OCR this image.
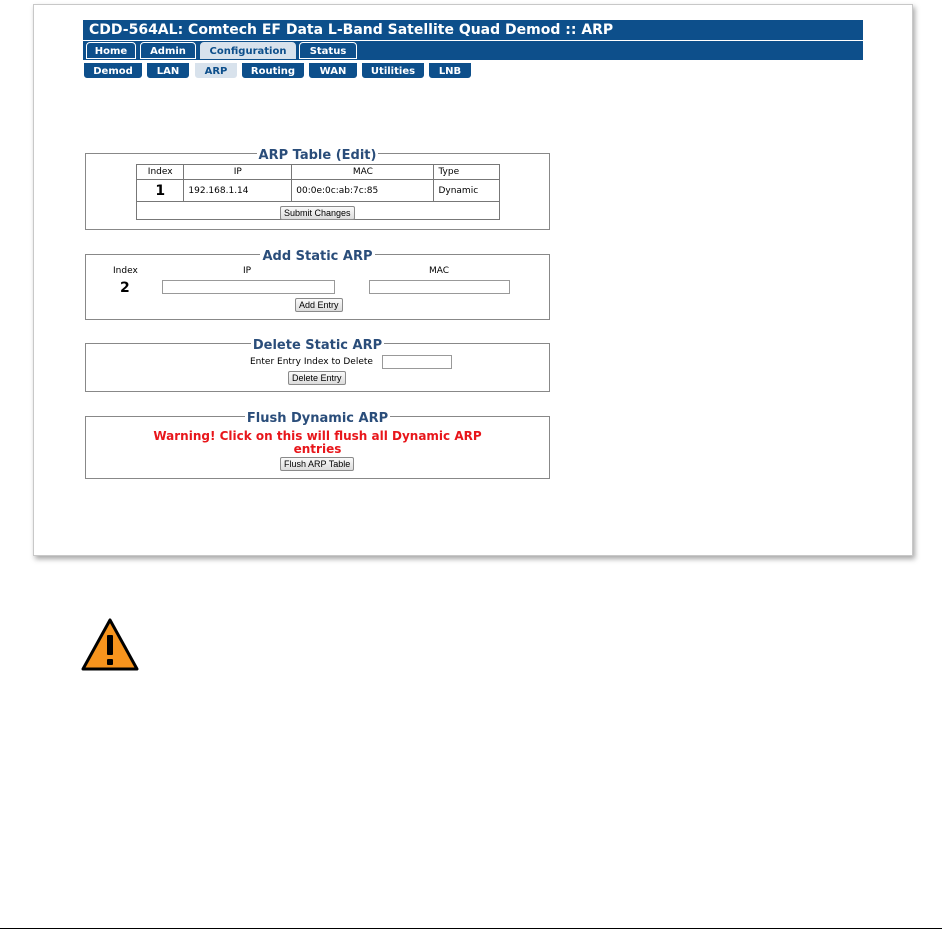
CDD-564AL: Comtech EF Data L-Band Satellite Quad Demod :: ARP
Home	Admin	Configuration	Status
Demod	LAN	ARP	Routing	WAN	Utilities	LNB
ARP Table (Edit)
Index	IP	MAC	Type
1	192.168.1.14	00:0e:0c:ab:7c:85	Dynamic

Submit Changes
Add Static ARP
Index	IP	MAC
2
Add Entry
Delete Static ARP
Enter Entry Index to Delete
Delete Entry
Flush Dynamic ARP
Warning! Click on this will flush all Dynamic ARP
entries
Flush ARP Table
